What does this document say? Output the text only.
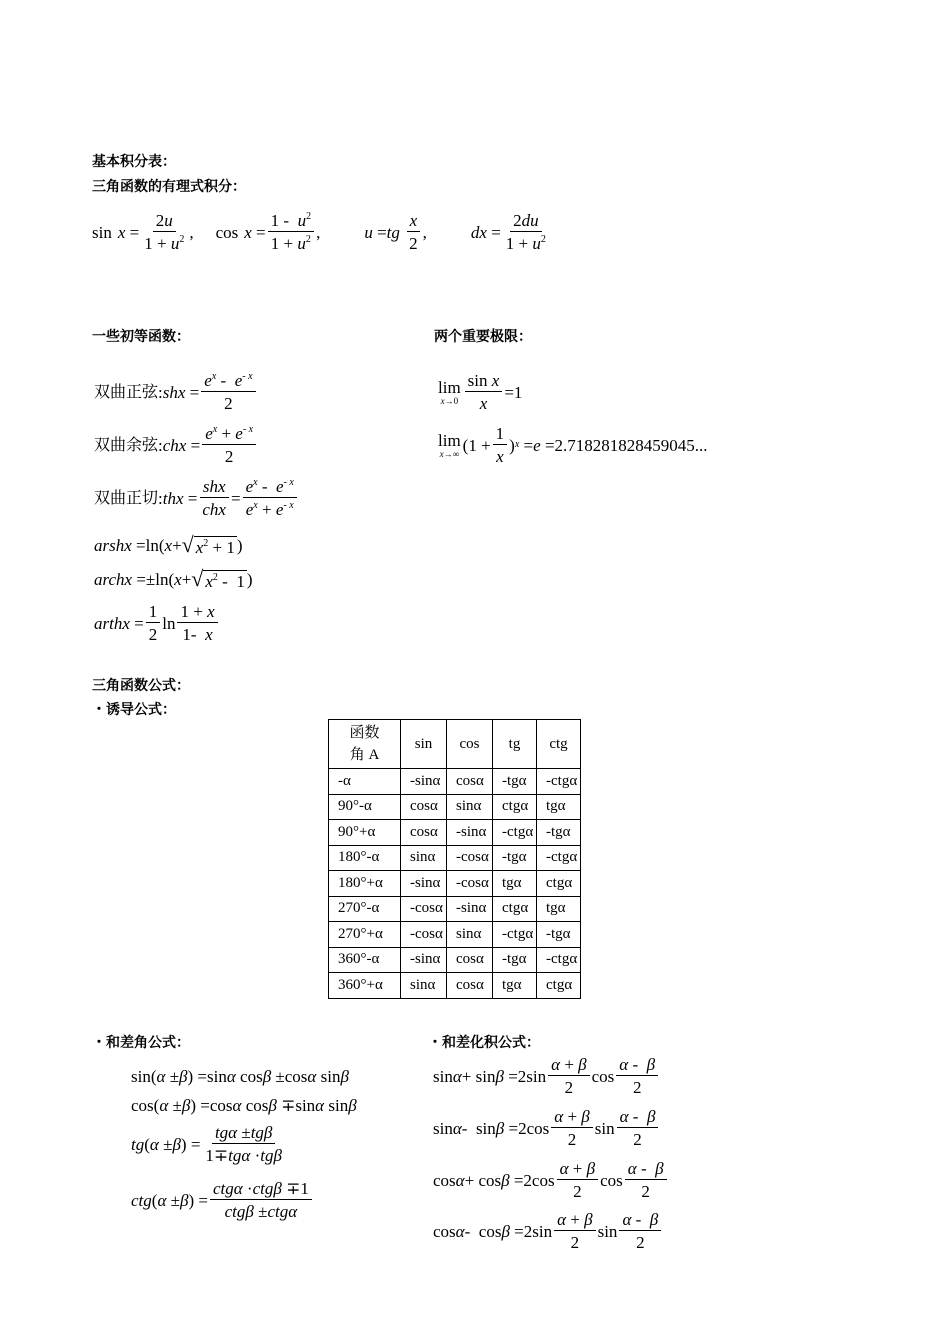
基本积分表：
三角函数的有理式积分：
$\sin x = \frac{2u}{1 + u^2}$ ,
$\cos x = \frac{1 - u^2}{1 + u^2}$ ,	u = tg
$\frac{x}{2}$ ,	dx = $\frac{2du}{1 + u^2}$
一些初等函数：	两个重要极限：
双曲正弦 : shx = $\frac{e^x - e^{- x}}{2}$
双曲余弦 : chx = $\frac{e^x + e^{- x}}{2}$
双曲正切 : thx = $\frac{\text{shx}}{\text{chx}} = \frac{e^x - e^{- x}}{e^x + e^{- x}}$
arshx =ln( x + √ $x^2 + 1$ )
archx =±ln( x + √ $x^2 - 1$ )
arthx = $\frac{1}{2}$ $\ln \frac{1 + x}{1- x}$
lim
$x\to 0 \frac{\text{sin x}}{x} =1$
lim
x→∞ ($1 + \frac{1}{x}$ ) x = e = 2.718281828459045...
三角函数公式：
・诱导公式：
函数
角 A	sin	cos	tg	ctg
-α	-sinα	cosα	-tgα	-ctgα
90°-α	cosα	sinα	ctgα	tgα
90°+α	cosα	-sinα	-ctgα	-tgα
180°-α	sinα	-cosα	-tgα	-ctgα
180°+α	-sinα	-cosα	tgα	ctgα
270°-α	-cosα	-sinα	ctgα	tgα
270°+α	-cosα	sinα	-ctgα	-tgα
360°-α	-sinα	cosα	-tgα	-ctgα
360°+α	sinα	cosα	tgα	ctgα
・和差角公式：	・和差化积公式：
sin( α ± β ) =sin α cos β ±cos α sin β
cos( α ± β ) =cos α cos β ∓sin α sin β
tg ( α ± β ) = $\frac{\text{tgα ±tgβ}}{\text{1∓tgα ·tgβ}}$
ctg ( α ± β ) = $\frac{\text{ctgα ·ctgβ ∓1}}{\text{ctgβ ±ctgα}}$
$\sin \alpha + \sin \beta =2\sin \frac{\alpha + \beta}{2}$ $\cos \frac{\alpha - \beta}{2}$
$\sin \alpha - \sin \beta =2\cos \frac{\alpha + \beta}{2}$ $\sin \frac{\alpha - \beta}{2}$
$\cos \alpha + \cos \beta =2\cos \frac{\alpha + \beta}{2}$ $\cos \frac{\alpha - \beta}{2}$
$\cos \alpha - \cos \beta =2\sin \frac{\alpha + \beta}{2}$ $\sin \frac{\alpha - \beta}{2}$
